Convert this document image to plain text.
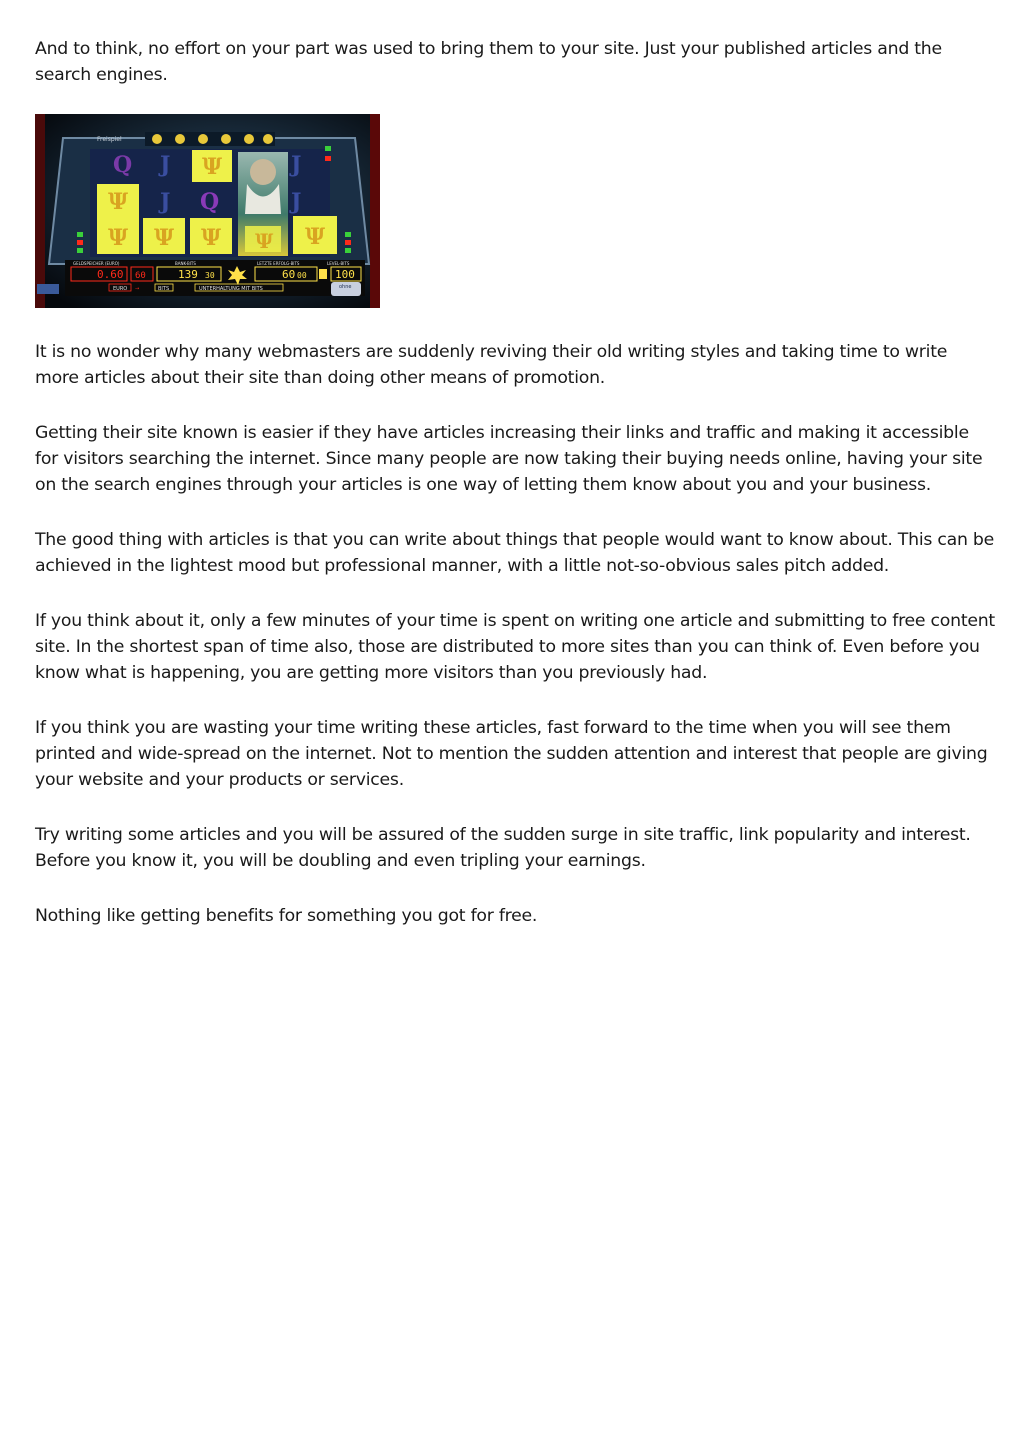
And to think, no effort on your part was used to bring them to your site. Just your published articles and the search engines.

Freispiel
Q J Ψ	J
Ψ J Q	J
Ψ Ψ Ψ	Ψ
Ψ
GELDSPEICHER (EURO)	BANK-BITS	LETZTE ERFOLG-BITS	LEVEL-BITS
0.60 60	139 30	60 00	100
EURO →	BITS	UNTERHALTUNG MIT BITS	ohne

It is no wonder why many webmasters are suddenly reviving their old writing styles and taking time to write more articles about their site than doing other means of promotion.

Getting their site known is easier if they have articles increasing their links and traffic and making it accessible for visitors searching the internet. Since many people are now taking their buying needs online, having your site on the search engines through your articles is one way of letting them know about you and your business.

The good thing with articles is that you can write about things that people would want to know about. This can be achieved in the lightest mood but professional manner, with a little not-so-obvious sales pitch added.

If you think about it, only a few minutes of your time is spent on writing one article and submitting to free content site. In the shortest span of time also, those are distributed to more sites than you can think of. Even before you know what is happening, you are getting more visitors than you previously had.

If you think you are wasting your time writing these articles, fast forward to the time when you will see them printed and wide-spread on the internet. Not to mention the sudden attention and interest that people are giving your website and your products or services.

Try writing some articles and you will be assured of the sudden surge in site traffic, link popularity and interest. Before you know it, you will be doubling and even tripling your earnings.

Nothing like getting benefits for something you got for free.
